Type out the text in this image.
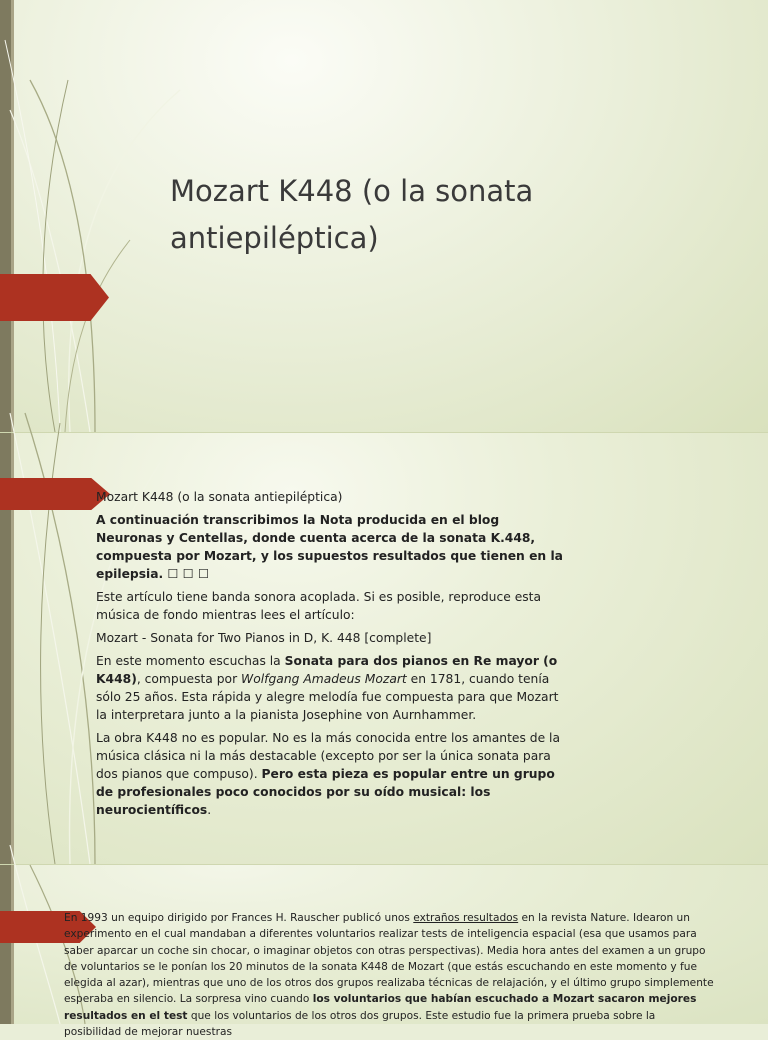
Mozart K448 (o la sonata antiepiléptica)

Mozart K448 (o la sonata antiepiléptica)

A continuación transcribimos la Nota producida en el blog Neuronas y Centellas, donde cuenta acerca de la sonata K.448, compuesta por Mozart, y los supuestos resultados que tienen en la epilepsia. ☐ ☐ ☐

Este artículo tiene banda sonora acoplada. Si es posible, reproduce esta música de fondo mientras lees el artículo:

Mozart - Sonata for Two Pianos in D, K. 448 [complete]

En este momento escuchas la Sonata para dos pianos en Re mayor (o K448), compuesta por Wolfgang Amadeus Mozart en 1781, cuando tenía sólo 25 años. Esta rápida y alegre melodía fue compuesta para que Mozart la interpretara junto a la pianista Josephine von Aurnhammer.

La obra K448 no es popular. No es la más conocida entre los amantes de la música clásica ni la más destacable (excepto por ser la única sonata para dos pianos que compuso). Pero esta pieza es popular entre un grupo de profesionales poco conocidos por su oído musical: los neurocientíficos.

En 1993 un equipo dirigido por Frances H. Rauscher publicó unos extraños resultados en la revista Nature. Idearon un experimento en el cual mandaban a diferentes voluntarios realizar tests de inteligencia espacial (esa que usamos para saber aparcar un coche sin chocar, o imaginar objetos con otras perspectivas). Media hora antes del examen a un grupo de voluntarios se le ponían los 20 minutos de la sonata K448 de Mozart (que estás escuchando en este momento y fue elegida al azar), mientras que uno de los otros dos grupos realizaba técnicas de relajación, y el último grupo simplemente esperaba en silencio. La sorpresa vino cuando los voluntarios que habían escuchado a Mozart sacaron mejores resultados en el test que los voluntarios de los otros dos grupos. Este estudio fue la primera prueba sobre la posibilidad de mejorar nuestras
